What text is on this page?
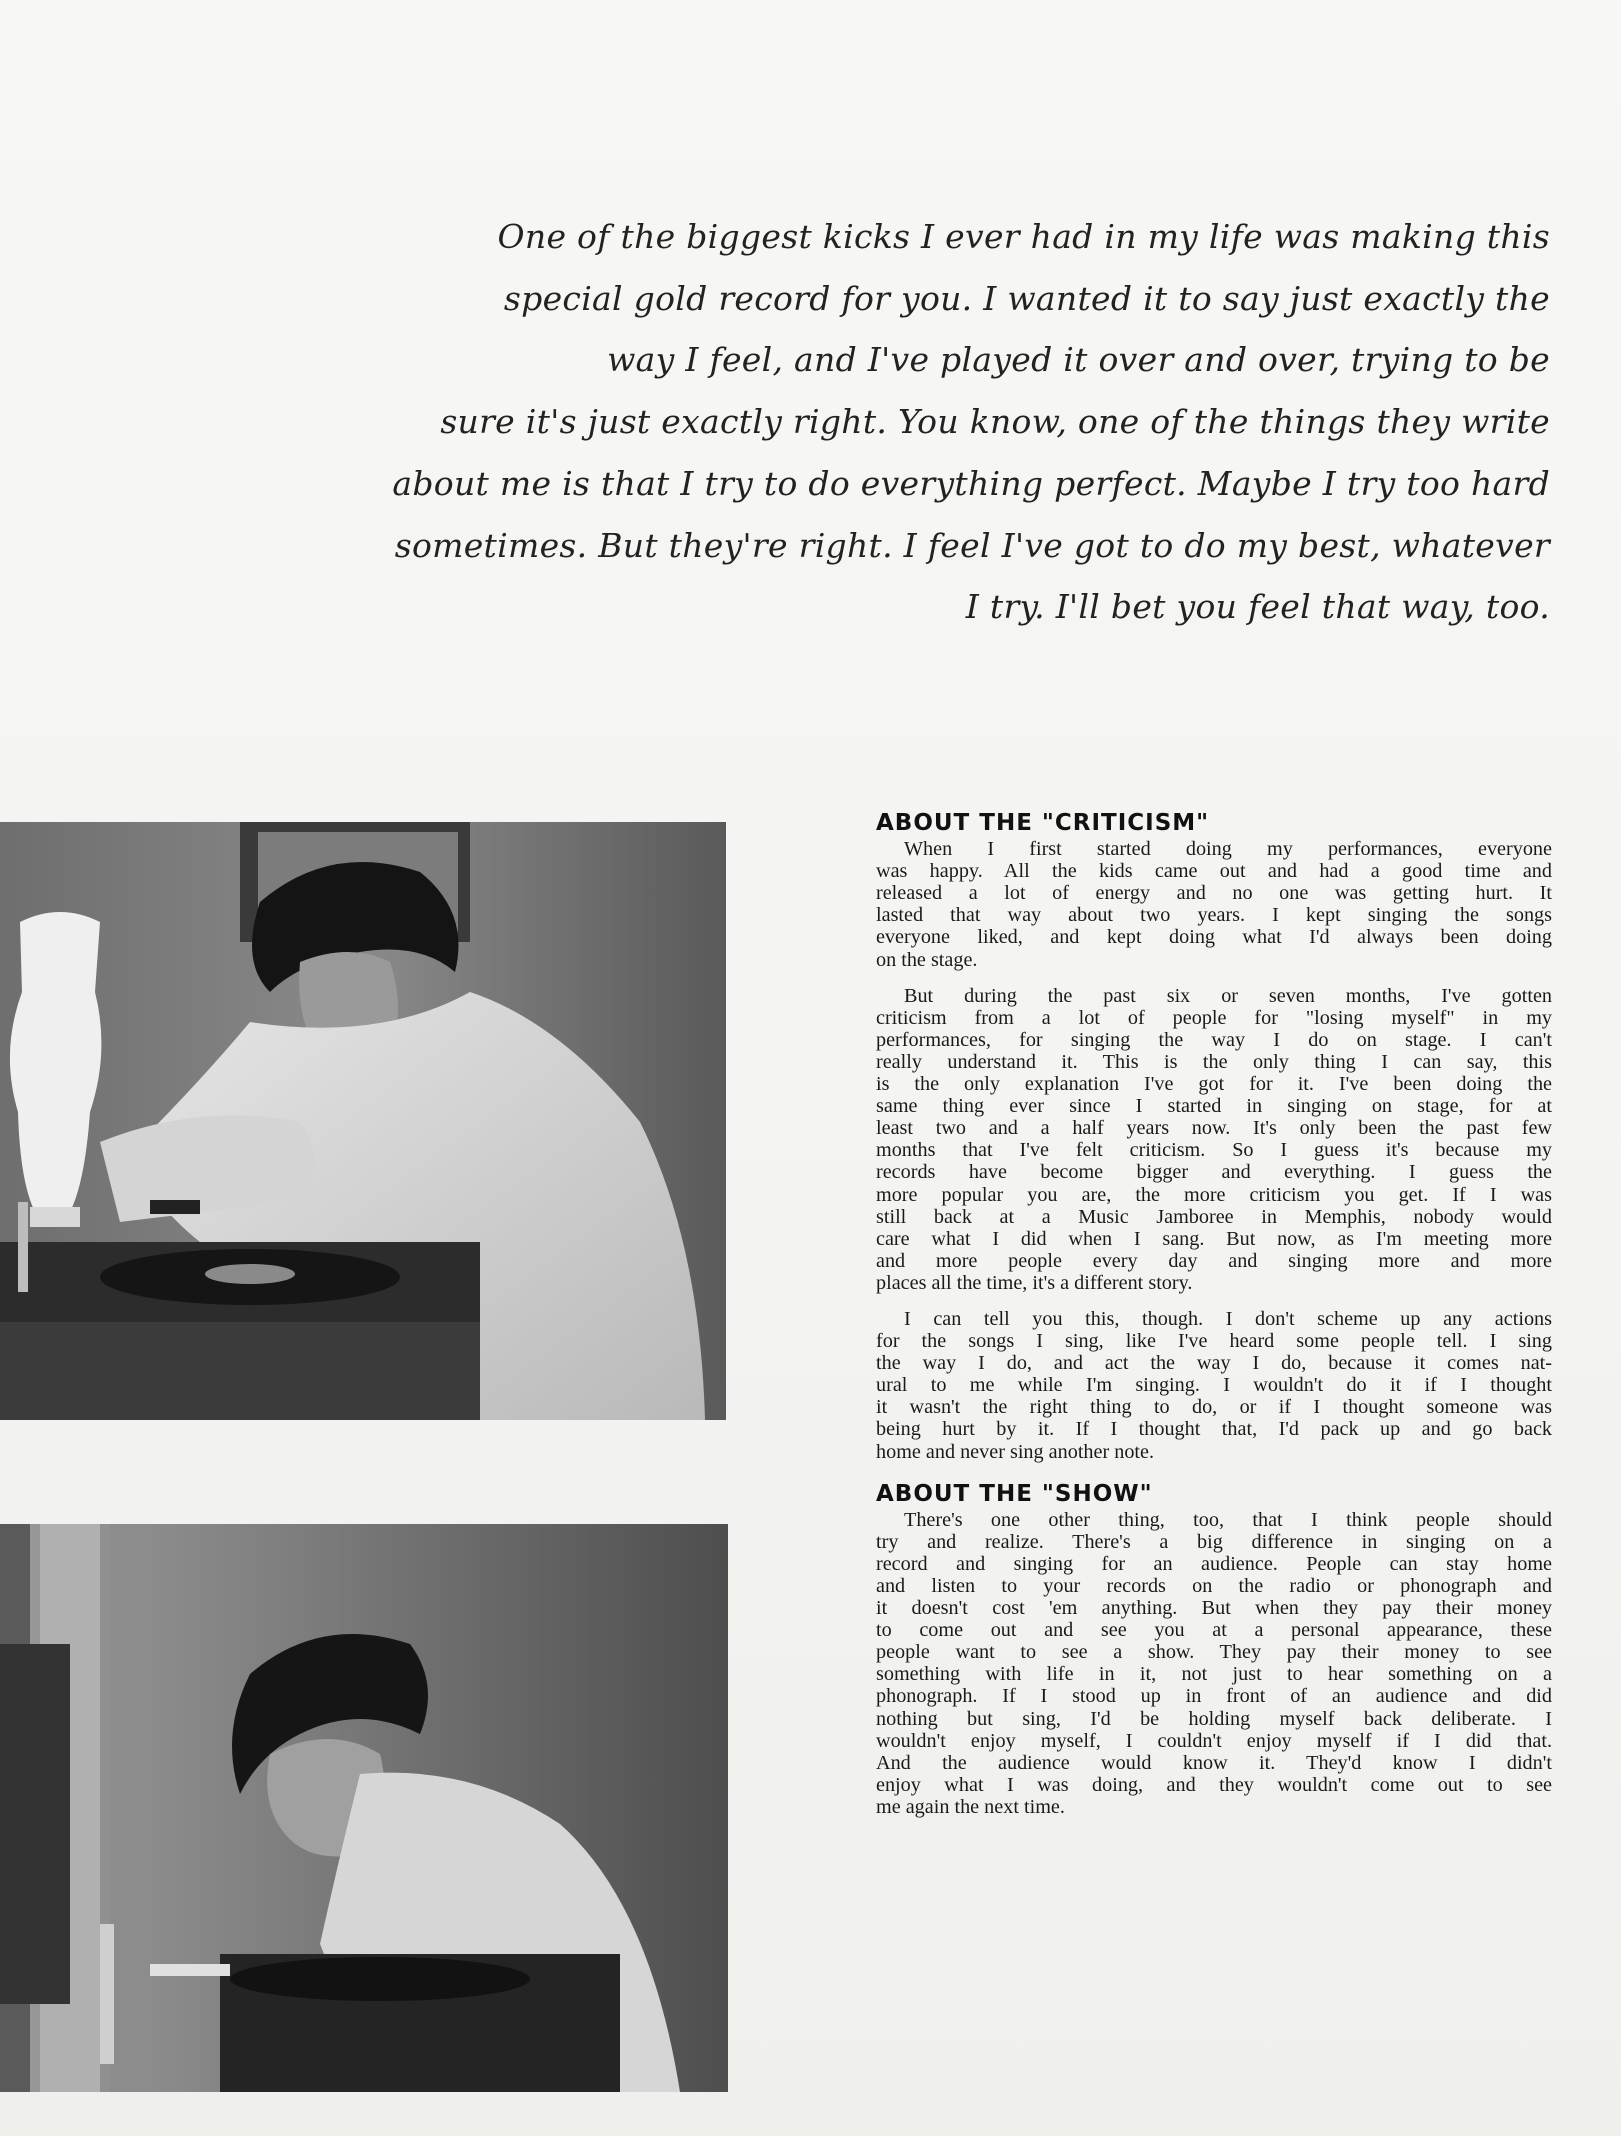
One of the biggest kicks I ever had in my life was making this
special gold record for you. I wanted it to say just exactly the
way I feel, and I've played it over and over, trying to be
sure it's just exactly right. You know, one of the things they write
about me is that I try to do everything perfect. Maybe I try too hard
sometimes. But they're right. I feel I've got to do my best, whatever
I try. I'll bet you feel that way, too.
ABOUT THE "CRITICISM"
When I first started doing my performances, everyone
was happy. All the kids came out and had a good time and
released a lot of energy and no one was getting hurt. It
lasted that way about two years. I kept singing the songs
everyone liked, and kept doing what I'd always been doing
on the stage.
But during the past six or seven months, I've gotten
criticism from a lot of people for "losing myself" in my
performances, for singing the way I do on stage. I can't
really understand it. This is the only thing I can say, this
is the only explanation I've got for it. I've been doing the
same thing ever since I started in singing on stage, for at
least two and a half years now. It's only been the past few
months that I've felt criticism. So I guess it's because my
records have become bigger and everything. I guess the
more popular you are, the more criticism you get. If I was
still back at a Music Jamboree in Memphis, nobody would
care what I did when I sang. But now, as I'm meeting more
and more people every day and singing more and more
places all the time, it's a different story.
I can tell you this, though. I don't scheme up any actions
for the songs I sing, like I've heard some people tell. I sing
the way I do, and act the way I do, because it comes nat-
ural to me while I'm singing. I wouldn't do it if I thought
it wasn't the right thing to do, or if I thought someone was
being hurt by it. If I thought that, I'd pack up and go back
home and never sing another note.
ABOUT THE "SHOW"
There's one other thing, too, that I think people should
try and realize. There's a big difference in singing on a
record and singing for an audience. People can stay home
and listen to your records on the radio or phonograph and
it doesn't cost 'em anything. But when they pay their money
to come out and see you at a personal appearance, these
people want to see a show. They pay their money to see
something with life in it, not just to hear something on a
phonograph. If I stood up in front of an audience and did
nothing but sing, I'd be holding myself back deliberate. I
wouldn't enjoy myself, I couldn't enjoy myself if I did that.
And the audience would know it. They'd know I didn't
enjoy what I was doing, and they wouldn't come out to see
me again the next time.
